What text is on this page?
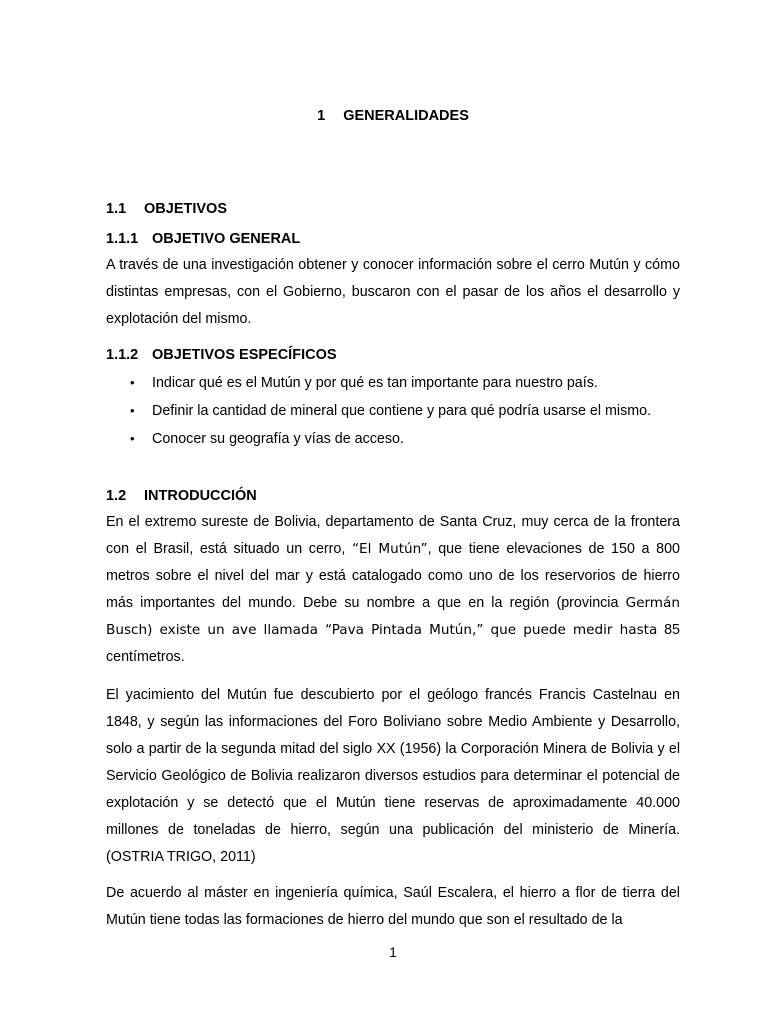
1 GENERALIDADES
1.1 OBJETIVOS
1.1.1 OBJETIVO GENERAL

A través de una investigación obtener y conocer información sobre el cerro Mutún y cómo distintas empresas, con el Gobierno, buscaron con el pasar de los años el desarrollo y explotación del mismo.

1.1.2 OBJETIVOS ESPECÍFICOS
• Indicar qué es el Mutún y por qué es tan importante para nuestro país.
• Definir la cantidad de mineral que contiene y para qué podría usarse el mismo.
• Conocer su geografía y vías de acceso.
1.2 INTRODUCCIÓN

En el extremo sureste de Bolivia, departamento de Santa Cruz, muy cerca de la frontera con el Brasil, está situado un cerro, “El Mutún”, que tiene elevaciones de 150 a 800 metros sobre el nivel del mar y está catalogado como uno de los reservorios de hierro más importantes del mundo. Debe su nombre a que en la región (provincia Germán Busch) existe un ave llamada “Pava Pintada Mutún,” que puede medir hasta 85 centímetros.

El yacimiento del Mutún fue descubierto por el geólogo francés Francis Castelnau en 1848, y según las informaciones del Foro Boliviano sobre Medio Ambiente y Desarrollo, solo a partir de la segunda mitad del siglo XX (1956) la Corporación Minera de Bolivia y el Servicio Geológico de Bolivia realizaron diversos estudios para determinar el potencial de explotación y se detectó que el Mutún tiene reservas de aproximadamente 40.000 millones de toneladas de hierro, según una publicación del ministerio de Minería. (OSTRIA TRIGO, 2011)

De acuerdo al máster en ingeniería química, Saúl Escalera, el hierro a flor de tierra del Mutún tiene todas las formaciones de hierro del mundo que son el resultado de la

1
